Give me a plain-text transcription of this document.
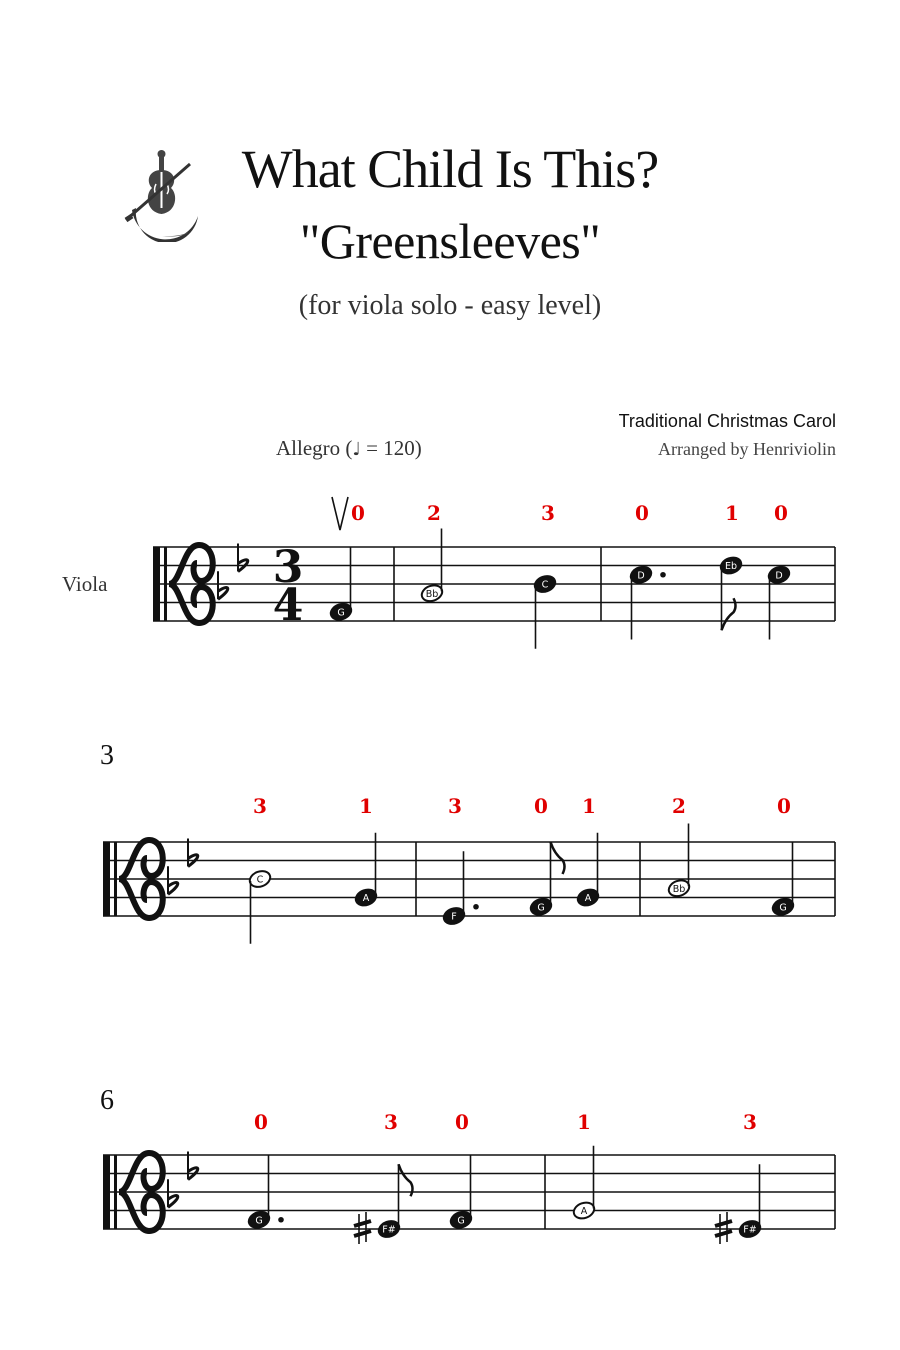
What Child Is This?
"Greensleeves"
(for viola solo - easy level)
Traditional Christmas Carol
Arranged by Henriviolin
Allegro (♩ = 120)
Viola
3
6
3
4
0	2	3	0	1 0
G
Bb
C
D
Eb
D
3	1	3	0 1	2	0
C
A
F
G
A
Bb
G
0	3	0	1	3
G
F#
G
A
F#
